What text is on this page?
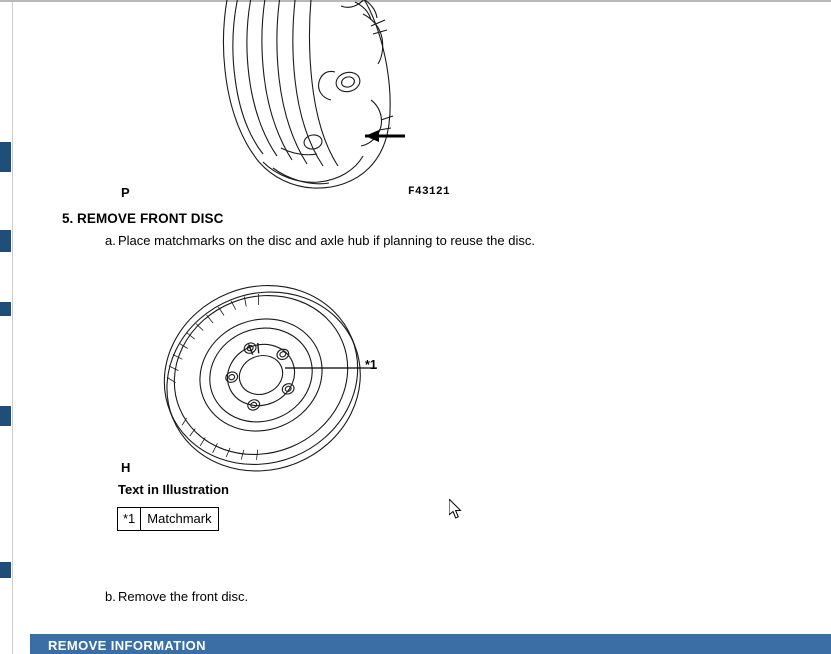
P	F43121
5. REMOVE FRONT DISC
a. Place matchmarks on the disc and axle hub if planning to reuse the disc.
*1
H
Text in Illustration
*1	Matchmark
b. Remove the front disc.
REMOVE INFORMATION
